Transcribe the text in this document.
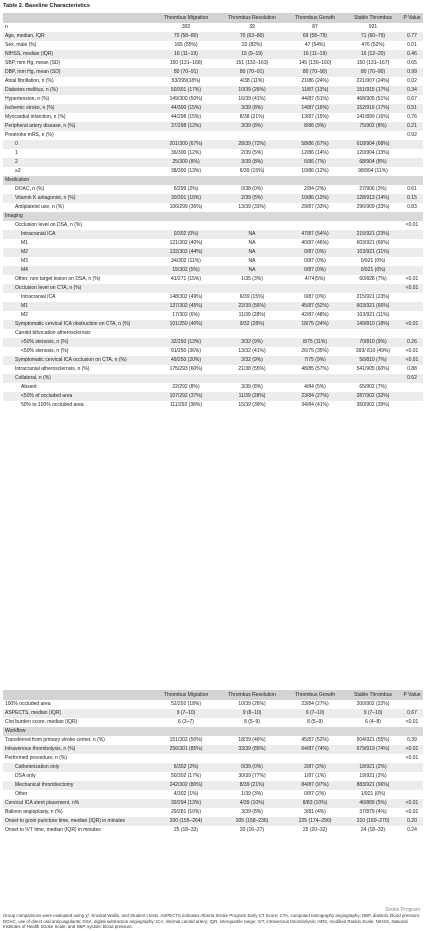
Table 2. Baseline Characteristics
	Thrombus Migration	Thrombus Resolution	Thrombus Growth	Stable Thrombus	P Value
n	302	39	87	921	
Age, median, IQR	70 (58–80)	70 (63–80)	69 (58–79)	71 (60–79)	0.77
Sex, male (%)	165 (55%)	32 (82%)	47 (54%)	476 (52%)	0.01
NIHSS, median (IQR)	16 (11–19)	15 (9–19)	16 (11–19)	16 (12–20)	0.46
SBP, mm Hg, mean (SD)	150 (131–168)	151 (132–163)	145 (130–160)	150 (131–167)	0.65
DBP, mm Hg, mean (SD)	80 (70–91)	80 (70–91)	80 (70–90)	80 (70–90)	0.99
Atrial fibrillation, n (%)	53/299(18%)	4/38 (11%)	21/86 (24%)	221/907 (24%)	0.02
Diabetes mellitus, n (%)	50/301 (17%)	10/39 (26%)	11/87 (13%)	151/915 (17%)	0.34
Hypertension, n (%)	149/300 (50%)	16/39 (41%)	44/87 (51%)	468/905 (51%)	0.67
Ischemic stroke, n (%)	44/300 (15%)	3/39 (8%)	14/87 (16%)	152/916 (17%)	0.51
Myocardial infarction, n (%)	44/298 (15%)	8/38 (21%)	13/87 (15%)	141/899 (16%)	0.76
Peripheral artery disease, n (%)	37/298 (12%)	3/39 (8%)	8/86 (9%)	75/902 (8%)	0.21
Prestroke mRS, n (%)					0.92
0	201/300 (67%)	28/39 (72%)	58/86 (67%)	618/904 (68%)	
1	36/300 (12%)	2/39 (5%)	12/86 (14%)	120/904 (13%)	
2	25/300 (8%)	3/39 (8%)	6/86 (7%)	68/904 (8%)	
≥3	38/300 (13%)	6/39 (15%)	10/86 (12%)	98/904 (11%)	
Medication					
DOAC, n (%)	5/299 (2%)	0/38 (0%)	2/84 (2%)	27/906 (3%)	0.61
Vitamin K antagonist, n (%)	30/301 (10%)	2/39 (5%)	10/86 (12%)	128/913 (14%)	0.15
Antiplatelet use, n (%)	106/299 (36%)	13/39 (33%)	29/87 (33%)	296/909 (33%)	0.83
Imaging					
Occlusion level on DSA, n (%)					<0.01
Intracranial ICA	0/302 (0%)	NA	47/87 (54%)	215/921 (23%)	
M1	121/302 (40%)	NA	40/87 (46%)	603/921 (66%)	
M2	132/302 (44%)	NA	0/87 (0%)	103/921 (11%)	
M3	34/302 (11%)	NA	0/87 (0%)	0/921 (0%)	
M4	15/302 (5%)	NA	0/87 (0%)	0/921 (0%)	
Other, non target lesion on DSA, n (%)	41/271 (15%)	1/35 (3%)	4/74(5%)	60/828 (7%)	<0.01
Occlusion level on CTA, n (%)					<0.01
Intracranial ICA	148/302 (49%)	6/39 (15%)	0/87 (0%)	215/921 (23%)	
M1	137/302 (45%)	22/39 (56%)	45/87 (52%)	603/921 (66%)	
M2	17/302 (6%)	11/39 (28%)	42/87 (48%)	103/921 (11%)	
Symptomatic cervical ICA obstruction on CTA, n (%)	101/250 (40%)	9/32 (28%)	18/75 (24%)	149/810 (18%)	<0.01
Carotid bifurcation atherosclerosis					
>50% stenosis, n (%)	32/250 (13%)	3/32 (9%)	8/75 (11%)	70/810 (9%)	0.26
<50% stenosis, n (%)	91/250 (36%)	13/32 (41%)	26/75 (35%)	393/ 810 (49%)	<0.01
Symptomatic cervical ICA occlusion on CTA, n (%)	49/250 (20%)	3/32 (9%)	7/75 (9%)	56/810 (7%)	<0.01
Intracranial atherosclerosis, n (%)	175/293 (60%)	21/38 (55%)	48/85 (57%)	541/905 (60%)	0.88
Collateral, n (%)					0.62
Absent	22/292 (8%)	3/39 (8%)	4/84 (5%)	65/902 (7%)	
<50% of occluded area	107/292 (37%)	11/39 (28%)	23/84 (27%)	287/902 (32%)	
50% to 100% occluded area	111/292 (38%)	15/39 (39%)	34/84 (41%)	350/902 (39%)	
	Thrombus Migration	Thrombus Resolution	Thrombus Growth	Stable Thrombus	P Value
100% occluded area	52/292 (18%)	10/39 (26%)	23/84 (27%)	200/902 (22%)	
ASPECTS, median (IQR)	9 (7–10)	9 (8–10)	9 (7–10)	9 (7–10)	0.67
Clot burden score, median (IQR)	6 (3–7)	8 (5–9)	8 (5–9)	6 (4–8)	<0.01
Workflow					
Transferred from primary stroke center, n (%)	151/302 (50%)	18/39 (46%)	45/87 (52%)	504/921 (55%)	0.39
Intravenous thrombolysis, n (%)	256/301 (85%)	33/39 (85%)	64/87 (74%)	679/919 (74%)	<0.01
Performed procedure, n (%)					<0.01
Catheterization only	6/302 (2%)	0/39 (0%)	2/87 (2%)	18/921 (2%)	
DSA only	50/302 (17%)	30/39 (77%)	1/87 (1%)	19/921 (2%)	
Mechanical thrombectomy	242/302 (80%)	8/39 (21%)	84/87 (97%)	883/921 (96%)	
Other	4/302 (1%)	1/39 (3%)	0/87 (2%)	1/921 (0%)	
Cervical ICA stent placement, n%	39/294 (13%)	4/39 (10%)	8/83 (10%)	46/889 (5%)	<0.01
Balloon angioplasty, n (%)	29/281 (10%)	3/39 (8%)	3/81 (4%)	37/879 (4%)	<0.01
Onset to groin puncture time, median (IQR) in minutes	200 (155–264)	205 (158–236)	225 (174–290)	210 (160–270)	0.20
Onset to IVT time, median (IQR) in minutes	25 (18–33)	20 (16–27)	25 (20–32)	24 (18–33)	0.24
Group comparisons were evaluated using χ², Kruskal-Wallis, and Student t tests. ASPECTS indicates Alberta Stroke Program Early CT Score; CTA, computed tomography angiography; DBP, diastolic blood pressure; DOAC, use of direct oral anticoagulants; DSA, digital subtraction angiography; ICA, internal carotid artery; IQR, interquartile range; IVT, intravenous thrombolysis; mRS, modified Rankin Scale; NIHSS, National Institutes of Health Stroke Scale; and SBP, systolic blood pressure.
Stroke Program
